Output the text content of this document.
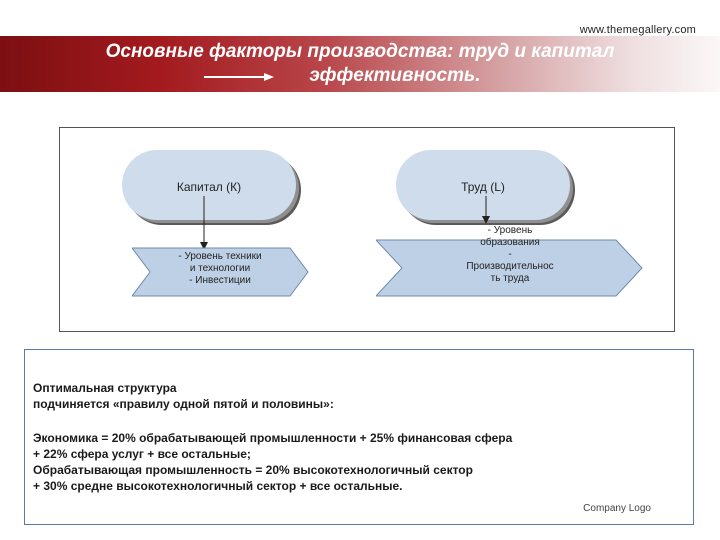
www.themegallery.com
Основные факторы производства: труд и капитал
эффективность.
Капитал (К)	Труд (L)
- Уровень техники
и технологии
- Инвестиции
- Уровень
образования
-
Производительнос
ть труда

Оптимальная структура

подчиняется «правилу одной пятой и половины»:

Экономика = 20% обрабатывающей промышленности + 25% финансовая сфера

+ 22% сфера услуг + все остальные;

Обрабатывающая промышленность = 20% высокотехнологичный сектор

+ 30% средне высокотехнологичный сектор + все остальные.

Company Logo
